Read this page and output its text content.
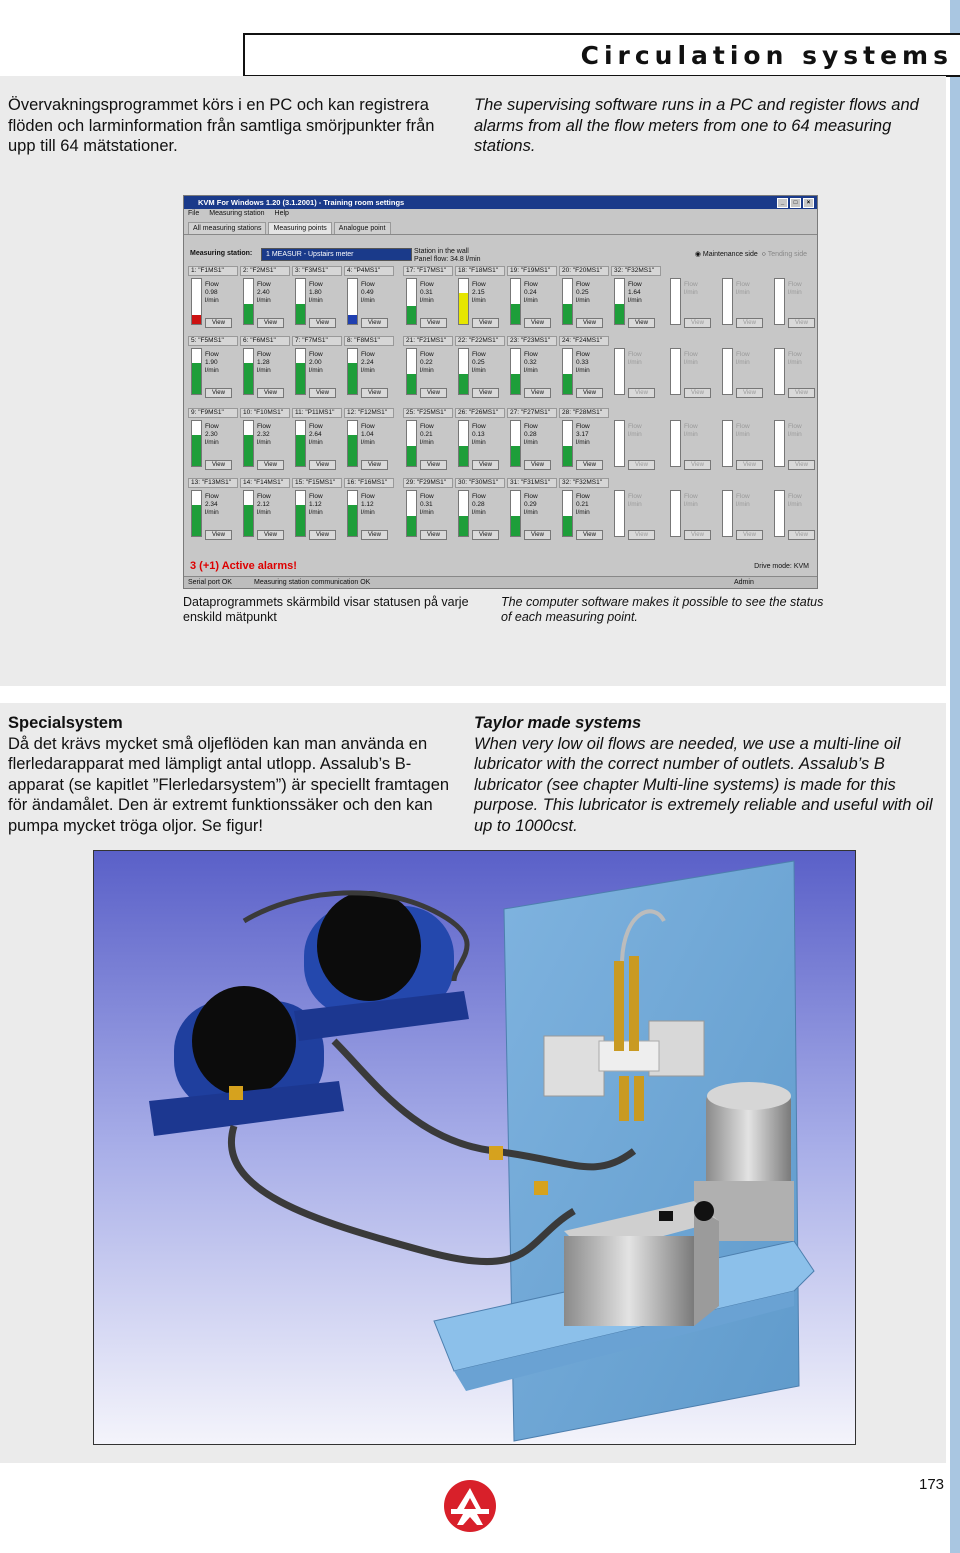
Circulation systems
Övervakningsprogrammet körs i en PC och kan registrera flöden och larminformation från samtliga smörjpunkter från upp till 64 mätstationer.
The supervising software runs in a PC and register flows and alarms from all the flow meters from one to 64 measuring stations.
KVM For Windows 1.20 (3.1.2001) - Training room settings	_	□	×
File Measuring station Help
All measuring stations	Measuring points	Analogue point
Measuring station:	1 MEASUR - Upstairs meter	Station in the wall
Panel flow: 34.8 l/min
◉ Maintenance side  ○ Tending side
1: "F1MS1"
Flow
0.98
l/min
View
2: "F2MS1"
Flow
2.40
l/min
View
3: "F3MS1"
Flow
1.80
l/min
View
4: "P4MS1"
Flow
0.49
l/min
View
17: "F17MS1"
Flow
0.31
l/min
View
18: "F18MS1"
Flow
2.15
l/min
View
19: "F19MS1"
Flow
0.24
l/min
View
20: "F20MS1"
Flow
0.25
l/min
View
32: "F32MS1"
Flow
1.64
l/min
View
Flow
l/min
View
Flow
l/min
View
Flow
l/min
View
5: "F5MS1"
Flow
1.90
l/min
View
6: "F6MS1"
Flow
1.28
l/min
View
7: "F7MS1"
Flow
2.00
l/min
View
8: "F8MS1"
Flow
2.24
l/min
View
21: "F21MS1"
Flow
0.22
l/min
View
22: "F22MS1"
Flow
0.25
l/min
View
23: "F23MS1"
Flow
0.32
l/min
View
24: "F24MS1"
Flow
0.33
l/min
View
Flow
l/min
View
Flow
l/min
View
Flow
l/min
View
Flow
l/min
View
9: "F9MS1"
Flow
2.30
l/min
View
10: "F10MS1"
Flow
2.32
l/min
View
11: "P11MS1"
Flow
2.64
l/min
View
12: "F12MS1"
Flow
1.04
l/min
View
25: "F25MS1"
Flow
0.21
l/min
View
26: "F26MS1"
Flow
0.13
l/min
View
27: "F27MS1"
Flow
0.28
l/min
View
28: "F28MS1"
Flow
3.17
l/min
View
Flow
l/min
View
Flow
l/min
View
Flow
l/min
View
Flow
l/min
View
13: "F13MS1"
Flow
2.34
l/min
View
14: "F14MS1"
Flow
2.12
l/min
View
15: "F15MS1"
Flow
1.12
l/min
View
16: "F16MS1"
Flow
1.12
l/min
View
29: "F29MS1"
Flow
0.31
l/min
View
30: "F30MS1"
Flow
0.28
l/min
View
31: "F31MS1"
Flow
0.29
l/min
View
32: "F32MS1"
Flow
0.21
l/min
View
Flow
l/min
View
Flow
l/min
View
Flow
l/min
View
Flow
l/min
View
3 (+1) Active alarms!	Drive mode: KVM
Serial port OK	Measuring station communication OK	Admin
Dataprogrammets skärmbild visar statusen på varje enskild mätpunkt
The computer software makes it possible to see the status of each measuring point.
Specialsystem
Då det krävs mycket små oljeflöden kan man använda en flerledarapparat med lämpligt antal utlopp. Assalub’s B-apparat (se kapitlet ”Flerledarsystem”) är speciellt framtagen för ändamålet. Den är extremt funktionssäker och den kan pumpa mycket tröga oljor. Se figur!
Taylor made systems
When very low oil flows are needed, we use a multi-line oil lubricator with the correct number of outlets. Assalub’s B lubricator (see chapter Multi-line systems) is made for this purpose. This lubricator is extremely reliable and useful with oil up to 1000cst.
173
